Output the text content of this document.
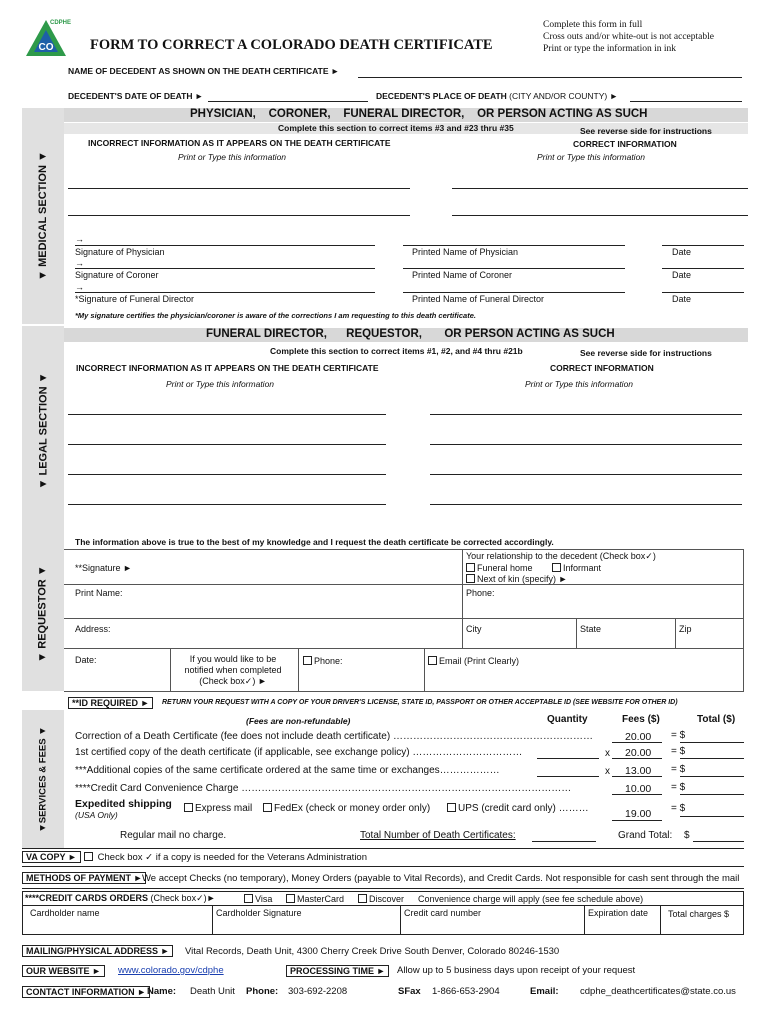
CO
CDPHE
FORM TO CORRECT A COLORADO DEATH CERTIFICATE
Complete this form in full
Cross outs and/or white-out is not acceptable
Print or type the information in ink
NAME OF DECEDENT AS SHOWN ON THE DEATH CERTIFICATE ►
DECEDENT'S DATE OF DEATH ►	DECEDENT'S PLACE OF DEATH (CITY AND/OR COUNTY) ►
▼ MEDICAL SECTION ▼
PHYSICIAN,    CORONER,    FUNERAL DIRECTOR,    OR PERSON ACTING AS SUCH
Complete this section to correct items #3 and #23 thru #35	See reverse side for instructions
INCORRECT INFORMATION AS IT APPEARS ON THE DEATH CERTIFICATE	CORRECT INFORMATION
Print or Type this information	Print or Type this information
→
Signature of Physician	Printed Name of Physician	Date
→
Signature of Coroner	Printed Name of Coroner	Date
→
*Signature of Funeral Director	Printed Name of Funeral Director	Date
*My signature certifies the physician/coroner is aware of the corrections I am requesting to this death certificate.
▼ LEGAL SECTION ▼
FUNERAL DIRECTOR,      REQUESTOR,       OR PERSON ACTING AS SUCH
Complete this section to correct items #1, #2, and #4 thru #21b	See reverse side for instructions
INCORRECT INFORMATION AS IT APPEARS ON THE DEATH CERTIFICATE	CORRECT INFORMATION
Print or Type this information	Print or Type this information
▼ REQUESTOR ▼
The information above is true to the best of my knowledge and I request the death certificate be corrected accordingly.
**Signature ►
Your relationship to the decedent (Check box✓)
Funeral home	Informant
Next of kin (specify) ►
Print Name:	Phone:
Address:	City	State	Zip
Date:	If you would like to be
notified when completed
(Check box✓) ►
Phone:	Email (Print Clearly)
**ID REQUIRED ►	RETURN YOUR REQUEST WITH A COPY OF YOUR DRIVER'S LICENSE, STATE ID, PASSPORT OR OTHER ACCEPTABLE ID (SEE WEBSITE FOR OTHER ID)
▼SERVICES & FEES ▼
(Fees are non-refundable)	Quantity	Fees ($)	Total ($)
Correction of a Death Certificate (fee does not include death certificate) ……………………………………………………	20.00 = $
1st certified copy of the death certificate (if applicable, see exchange policy) ……………………………	x 20.00 = $
***Additional copies of the same certificate ordered at the same time or exchanges………………	x 13.00 = $
****Credit Card Convenience Charge ………………………………………………………………………………………	10.00 = $
Expedited shipping
(USA Only)
Express mail	FedEx (check or money order only)	UPS (credit card only) ………	19.00 = $
Regular mail no charge.	Total Number of Death Certificates:	Grand Total: $
VA COPY ►	Check box ✓ if a copy is needed for the Veterans Administration
METHODS OF PAYMENT ► We accept Checks (no temporary), Money Orders (payable to Vital Records), and Credit Cards. Not responsible for cash sent through the mail
****CREDIT CARDS ORDERS (Check box✓)►	Visa	MasterCard	Discover Convenience charge will apply (see fee schedule above)
Cardholder name	Cardholder Signature	Credit card number	Expiration date Total charges $
MAILING/PHYSICAL ADDRESS ►	Vital Records, Death Unit, 4300 Cherry Creek Drive South Denver, Colorado 80246-1530
OUR WEBSITE ►	www.colorado.gov/cdphe	PROCESSING TIME ►	Allow up to 5 business days upon receipt of your request
CONTACT INFORMATION ► Name: Death Unit Phone: 303-692-2208	SFax 1-866-653-2904	Email: cdphe_deathcertificates@state.co.us
